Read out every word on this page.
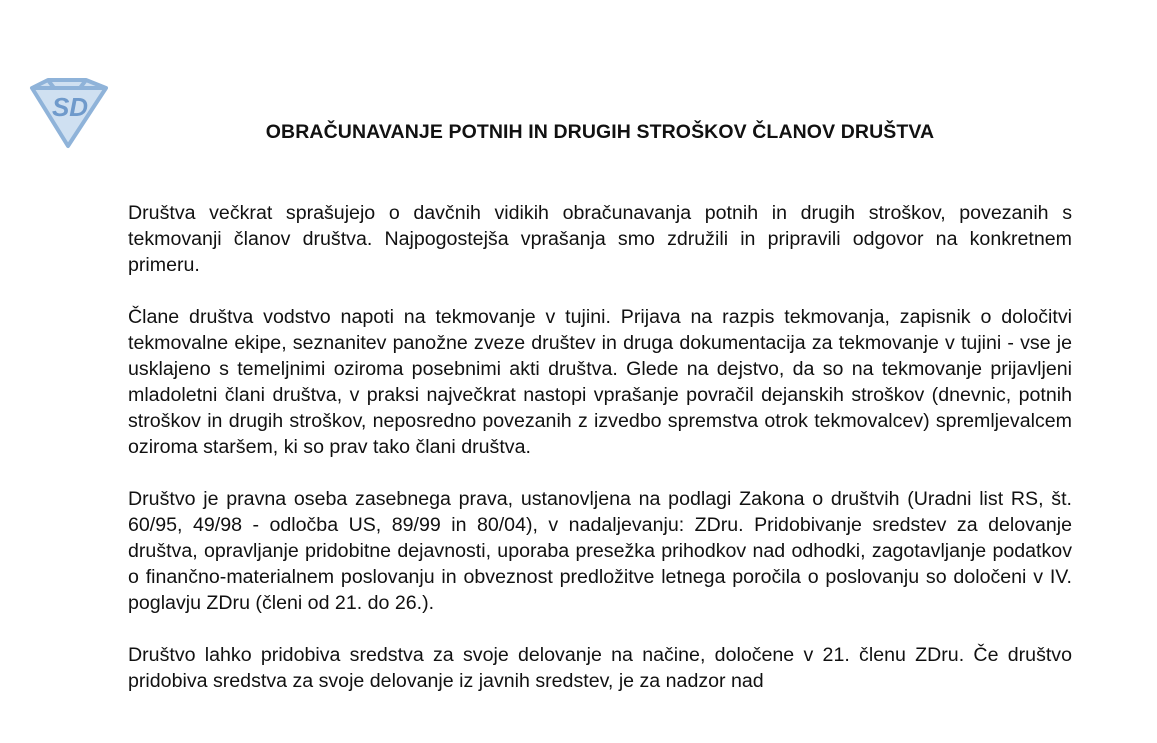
SD
OBRAČUNAVANJE POTNIH IN DRUGIH STROŠKOV ČLANOV DRUŠTVA

Društva večkrat sprašujejo o davčnih vidikih obračunavanja potnih in drugih stroškov, povezanih s tekmovanji članov društva. Najpogostejša vprašanja smo združili in pripravili odgovor na konkretnem primeru.

Člane društva vodstvo napoti na tekmovanje v tujini. Prijava na razpis tekmovanja, zapisnik o določitvi tekmovalne ekipe, seznanitev panožne zveze društev in druga dokumentacija za tekmovanje v tujini - vse je usklajeno s temeljnimi oziroma posebnimi akti društva. Glede na dejstvo, da so na tekmovanje prijavljeni mladoletni člani društva, v praksi največkrat nastopi vprašanje povračil dejanskih stroškov (dnevnic, potnih stroškov in drugih stroškov, neposredno povezanih z izvedbo spremstva otrok tekmovalcev) spremljevalcem oziroma staršem, ki so prav tako člani društva.

Društvo je pravna oseba zasebnega prava, ustanovljena na podlagi Zakona o društvih (Uradni list RS, št. 60/95, 49/98 - odločba US, 89/99 in 80/04), v nadaljevanju: ZDru. Pridobivanje sredstev za delovanje društva, opravljanje pridobitne dejavnosti, uporaba presežka prihodkov nad odhodki, zagotavljanje podatkov o finančno-materialnem poslovanju in obveznost predložitve letnega poročila o poslovanju so določeni v IV. poglavju ZDru (členi od 21. do 26.).

Društvo lahko pridobiva sredstva za svoje delovanje na načine, določene v 21. členu ZDru. Če društvo pridobiva sredstva za svoje delovanje iz javnih sredstev, je za nadzor nad
